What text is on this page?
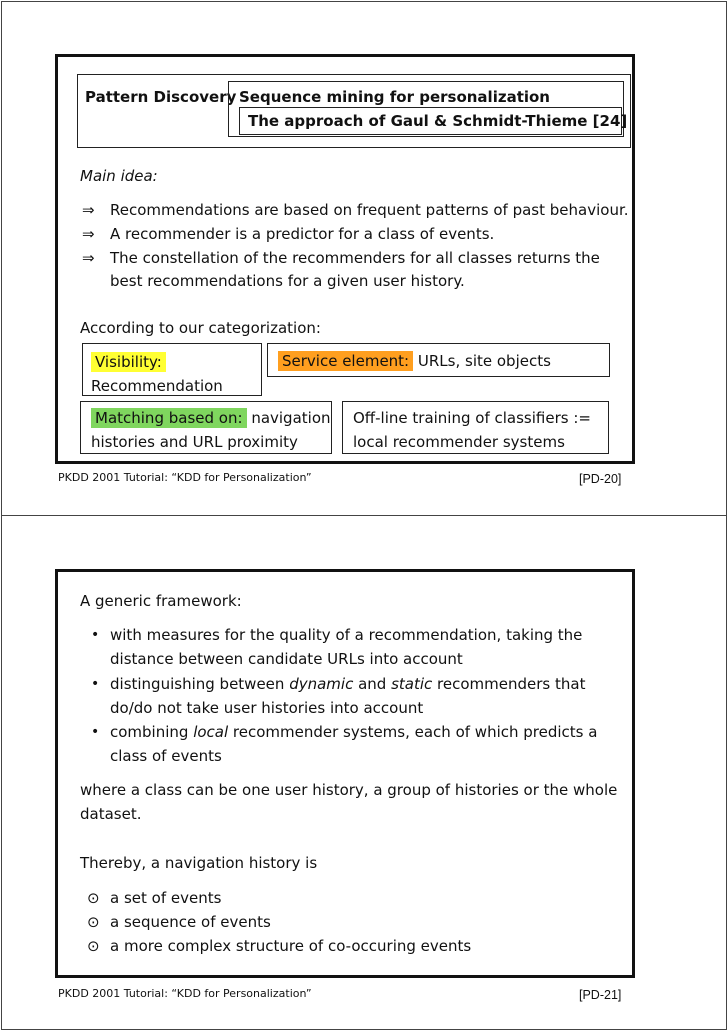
Pattern Discovery Sequence mining for personalization
The approach of Gaul & Schmidt-Thieme [24]
Main idea:
⇒ Recommendations are based on frequent patterns of past behaviour.
⇒ A recommender is a predictor for a class of events.
⇒ The constellation of the recommenders for all classes returns the
best recommendations for a given user history.
According to our categorization:
Visibility:
Recommendation
Service element: URLs, site objects
Matching based on: navigation
histories and URL proximity
Off-line training of classifiers :=
local recommender systems
PKDD 2001 Tutorial: “KDD for Personalization”	[PD-20]
A generic framework:
• with measures for the quality of a recommendation, taking the
distance between candidate URLs into account
• distinguishing between dynamic and static recommenders that
do/do not take user histories into account
• combining local recommender systems, each of which predicts a
class of events
where a class can be one user history, a group of histories or the whole
dataset.
Thereby, a navigation history is
⊙ a set of events
⊙ a sequence of events
⊙ a more complex structure of co-occuring events
PKDD 2001 Tutorial: “KDD for Personalization”	[PD-21]
